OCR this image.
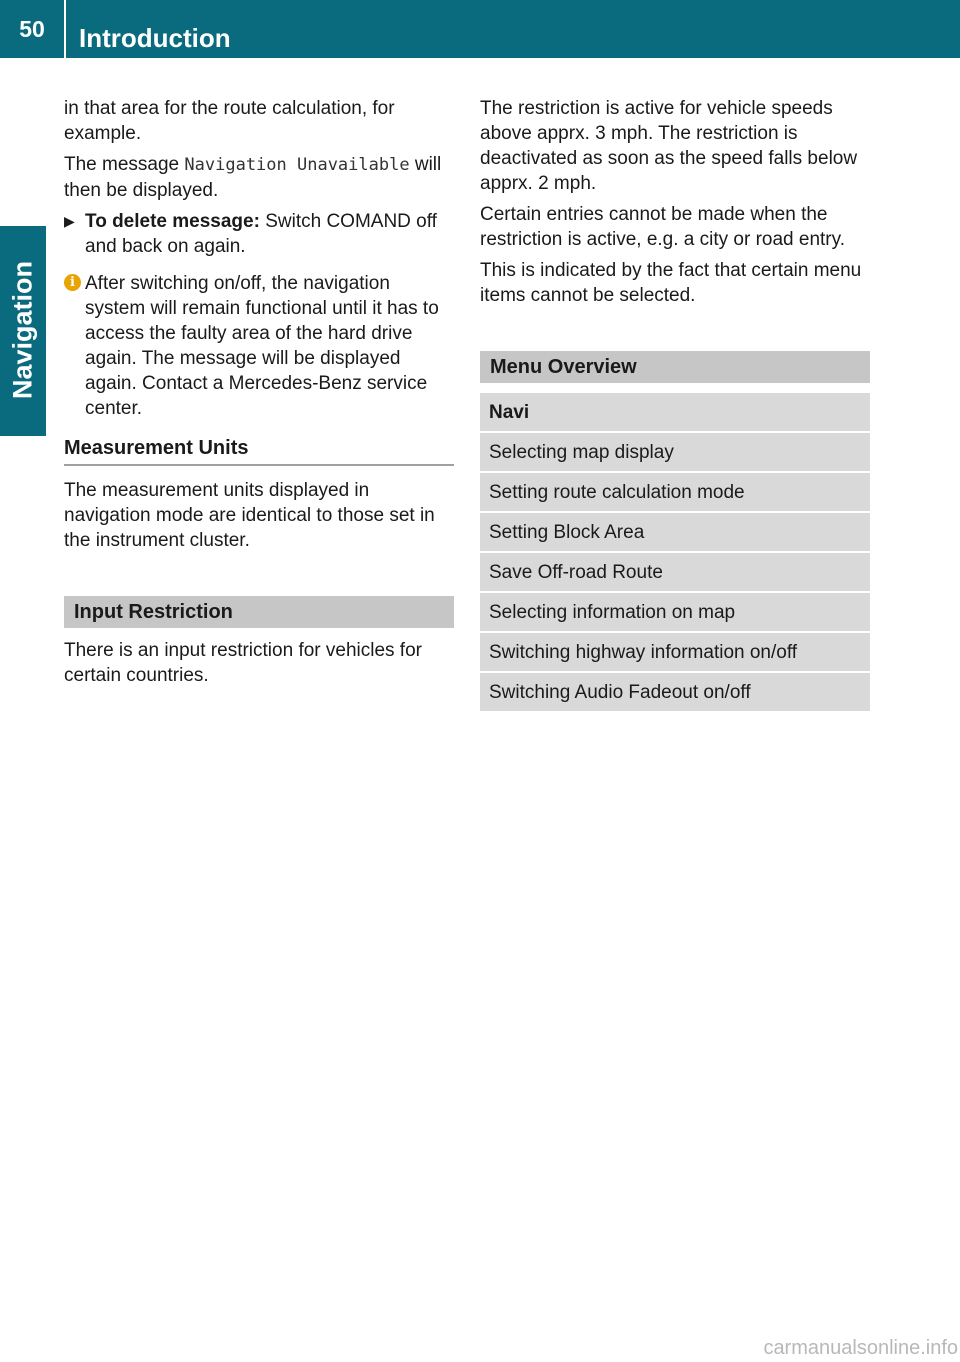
50	Introduction
Navigation

in that area for the route calculation, for example.

The message Navigation Unavailable will then be displayed.

▶ To delete message: Switch COMAND off and back on again.
i After switching on/off, the navigation system will remain functional until it has to access the faulty area of the hard drive again. The message will be displayed again. Contact a Mercedes-Benz service center.
Measurement Units

The measurement units displayed in navigation mode are identical to those set in the instrument cluster.

Input Restriction

There is an input restriction for vehicles for certain countries.

The restriction is active for vehicle speeds above apprx. 3 mph. The restriction is deactivated as soon as the speed falls below apprx. 2 mph.

Certain entries cannot be made when the restriction is active, e.g. a city or road entry.

This is indicated by the fact that certain menu items cannot be selected.

Menu Overview
Navi
Selecting map display
Setting route calculation mode
Setting Block Area
Save Off-road Route
Selecting information on map
Switching highway information on/off
Switching Audio Fadeout on/off
carmanualsonline.info
